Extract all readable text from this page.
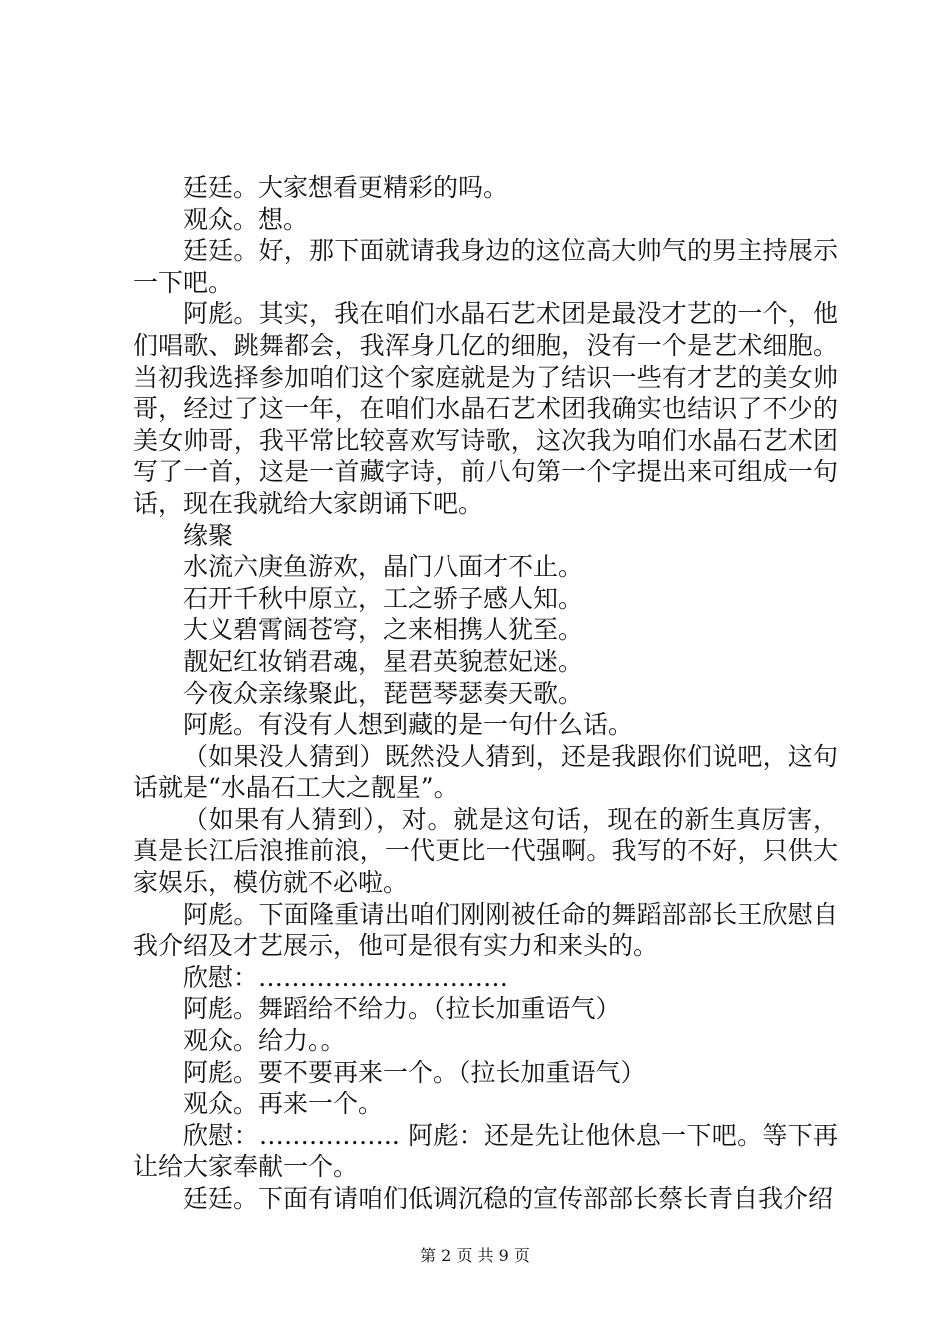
廷廷。大家想看更精彩的吗。

观众。想。

廷廷。好，那下面就请我身边的这位高大帅气的男主持展示一下吧。

阿彪。其实，我在咱们水晶石艺术团是最没才艺的一个，他们唱歌、跳舞都会，我浑身几亿的细胞，没有一个是艺术细胞。当初我选择参加咱们这个家庭就是为了结识一些有才艺的美女帅哥，经过了这一年，在咱们水晶石艺术团我确实也结识了不少的美女帅哥，我平常比较喜欢写诗歌，这次我为咱们水晶石艺术团写了一首，这是一首藏字诗，前八句第一个字提出来可组成一句话，现在我就给大家朗诵下吧。

缘聚

水流六庚鱼游欢，晶门八面才不止。

石开千秋中原立，工之骄子感人知。

大义碧霄阔苍穹，之来相携人犹至。

靓妃红妆销君魂，星君英貌惹妃迷。

今夜众亲缘聚此，琵琶琴瑟奏天歌。

阿彪。有没有人想到藏的是一句什么话。

（如果没人猜到）既然没人猜到，还是我跟你们说吧，这句话就是“水晶石工大之靓星”。

（如果有人猜到），对。就是这句话，现在的新生真厉害，真是长江后浪推前浪，一代更比一代强啊。我写的不好，只供大家娱乐，模仿就不必啦。

阿彪。下面隆重请出咱们刚刚被任命的舞蹈部部长王欣慰自我介绍及才艺展示，他可是很有实力和来头的。

欣慰：…………………………

阿彪。舞蹈给不给力。（拉长加重语气）

观众。给力。。

阿彪。要不要再来一个。（拉长加重语气）

观众。再来一个。

欣慰：…………….. 阿彪：还是先让他休息一下吧。等下再让给大家奉献一个。

廷廷。下面有请咱们低调沉稳的宣传部部长蔡长青自我介绍

第 2 页 共 9 页
